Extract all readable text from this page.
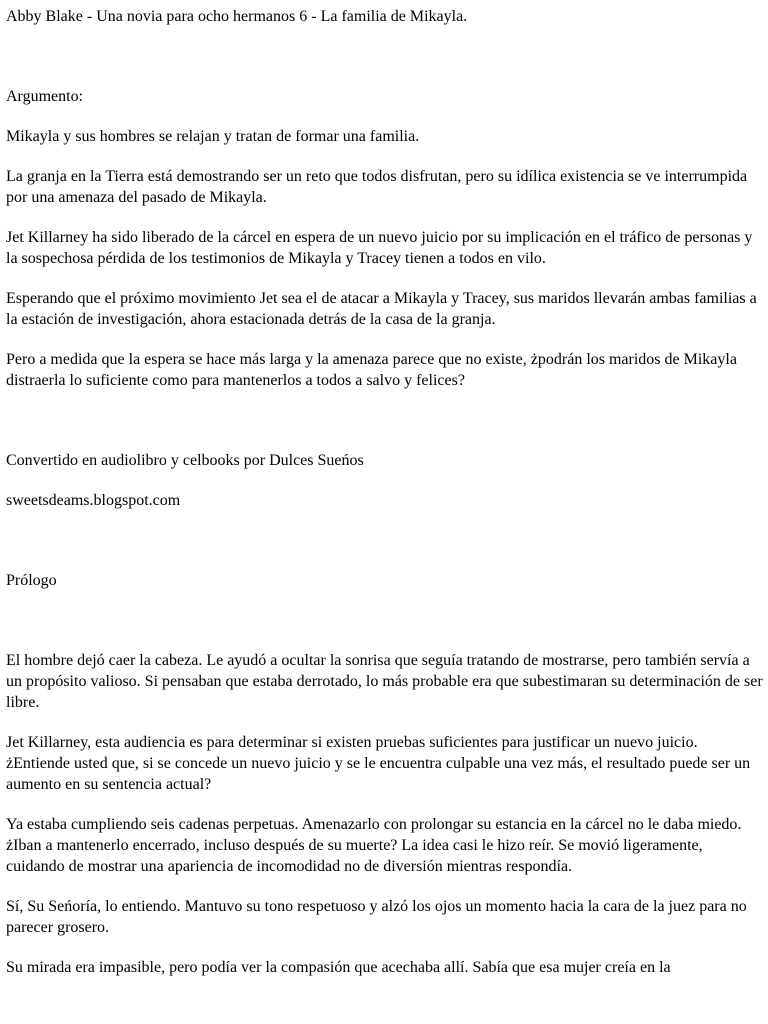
Abby Blake - Una novia para ocho hermanos 6 - La familia de Mikayla.

Argumento:

Mikayla y sus hombres se relajan y tratan de formar una familia.

La granja en la Tierra está demostrando ser un reto que todos disfrutan, pero su idílica existencia se ve interrumpida por una amenaza del pasado de Mikayla.

Jet Killarney ha sido liberado de la cárcel en espera de un nuevo juicio por su implicación en el tráfico de personas y la sospechosa pérdida de los testimonios de Mikayla y Tracey tienen a todos en vilo.

Esperando que el próximo movimiento Jet sea el de atacar a Mikayla y Tracey, sus maridos llevarán ambas familias a la estación de investigación, ahora estacionada detrás de la casa de la granja.

Pero a medida que la espera se hace más larga y la amenaza parece que no existe, żpodrán los maridos de Mikayla distraerla lo suficiente como para mantenerlos a todos a salvo y felices?

Convertido en audiolibro y celbooks por Dulces Sueńos

sweetsdeams.blogspot.com

Prólogo

El hombre dejó caer la cabeza. Le ayudó a ocultar la sonrisa que seguía tratando de mostrarse, pero también servía a un propósito valioso. Si pensaban que estaba derrotado, lo más probable era que subestimaran su determinación de ser libre.

Jet Killarney, esta audiencia es para determinar si existen pruebas suficientes para justificar un nuevo juicio. żEntiende usted que, si se concede un nuevo juicio y se le encuentra culpable una vez más, el resultado puede ser un aumento en su sentencia actual?

Ya estaba cumpliendo seis cadenas perpetuas. Amenazarlo con prolongar su estancia en la cárcel no le daba miedo. żIban a mantenerlo encerrado, incluso después de su muerte? La idea casi le hizo reír. Se movió ligeramente, cuidando de mostrar una apariencia de incomodidad no de diversión mientras respondía.

Sí, Su Seńoría, lo entiendo. Mantuvo su tono respetuoso y alzó los ojos un momento hacia la cara de la juez para no parecer grosero.

Su mirada era impasible, pero podía ver la compasión que acechaba allí. Sabía que esa mujer creía en la
